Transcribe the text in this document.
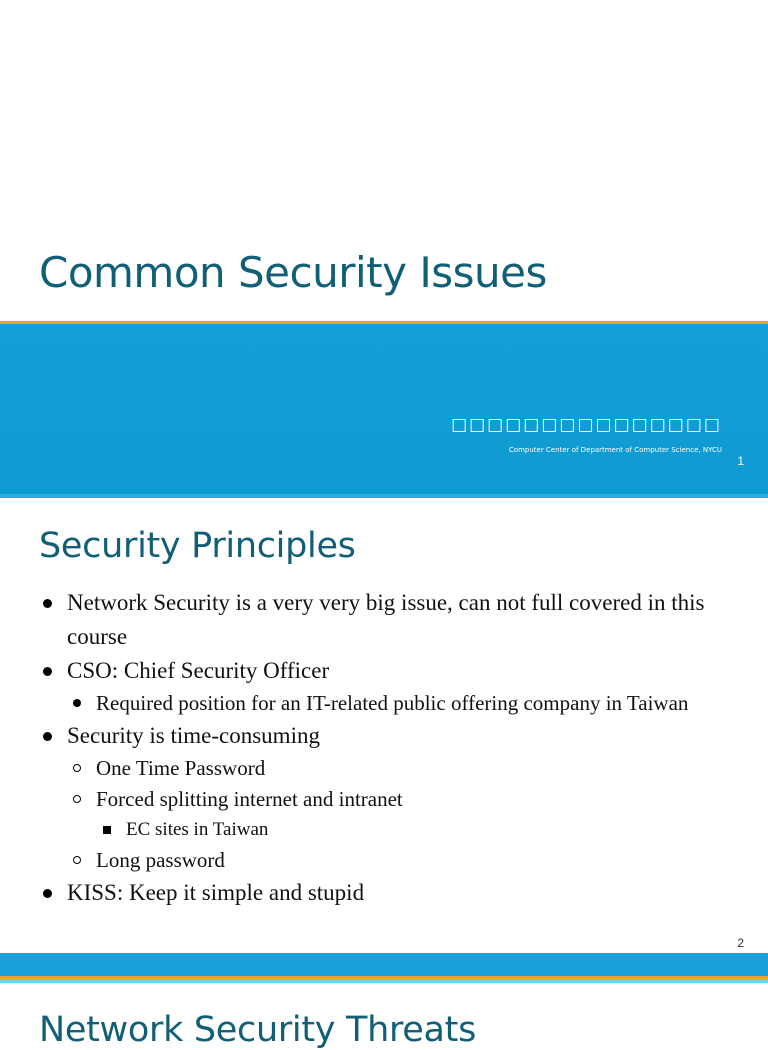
Common Security Issues
□□□□□□□□□□□□□□□
Computer Center of Department of Computer Science, NYCU
1
Security Principles
Network Security is a very very big issue, can not full covered in this course
CSO: Chief Security Officer
Required position for an IT-related public offering company in Taiwan
Security is time-consuming
One Time Password
Forced splitting internet and intranet
EC sites in Taiwan
Long password
KISS: Keep it simple and stupid
2
Network Security Threats
